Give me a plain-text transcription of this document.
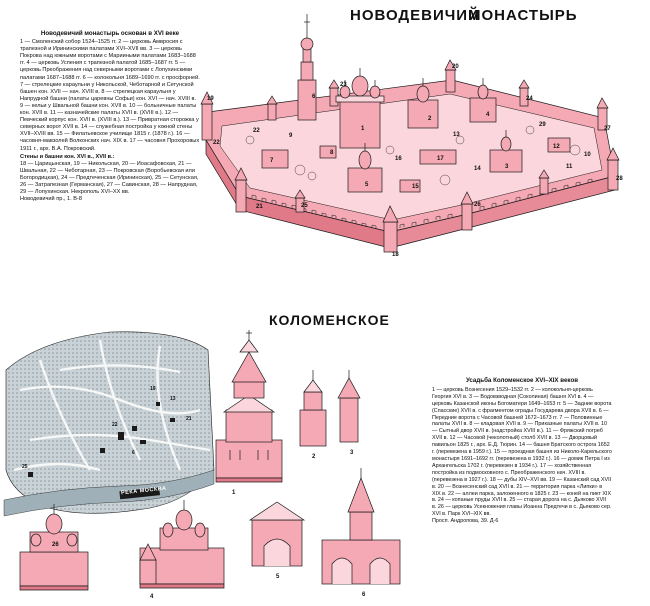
НОВОДЕВИЧИЙ
МОНАСТЫРЬ
КОЛОМЕНСКОЕ

Новодевичий монастырь основан в XVI веке

1 — Смоленский собор 1524–1525 гг. 2 — церковь Амвросия с трапезной и Ирининскими палатами XVI–XVII вв. 3 — церковь Покрова над южными воротами с Марииными палатами 1683–1688 гг. 4 — церковь Успения с трапезной палатой 1685–1687 гг. 5 — церковь Преображения над северными воротами с Лопухинскими палатами 1687–1688 гг. 6 — колокольня 1689–1690 гг. с просфорней. 7 — стрелецкие караульни у Никольской, Чеботарной и Сетунской башен кон. XVII — нач. XVIII в. 8 — стрелецкая караульня у Напрудной башни (палаты царевны Софьи) кон. XVI — нач. XVIII в. 9 — кельи у Швальной башни кон. XVII в. 10 — больничные палаты кон. XVII в. 11 — казначейские палаты XVII в. (XVIII в.). 12 — Певческий корпус кон. XVII в. (XVIII в.). 13 — Привратная сторожка у северных ворот XVII в. 14 — служебная постройка у южной стены XVII–XVIII вв. 15 — Филатьевское училище 1815 г. (1878 г.). 16 — часовня-мавзолей Волконских нач. XIX в. 17 — часовня Прохоровых 1911 г., арх. В.А. Покровский.

Стены и башни кон. XVI в., XVII в.:

18 — Царицынская, 19 — Никольская, 20 — Иоасафовская, 21 — Швальная, 22 — Чеботарная, 23 — Покровская (Воробьевская или Богородицкая), 24 — Предтеченская (Ирининская), 25 — Сетунская, 26 — Затрапезная (Германская), 27 — Савинская, 28 — Напрудная, 29 — Лопухинская. Некрополь XVI–XX вв.

Новодевичий пр., 1. В-8

Усадьба Коломенское XVI–XIX веков

1 — церковь Вознесения 1529–1532 гг. 2 — колокольня-церковь Георгия XVI в. 3 — Водовзводная (Соколиная) башня XVI в. 4 — церковь Казанской иконы Богоматери 1649–1653 гг. 5 — Задние ворота (Спасские) XVII в. с фрагментом ограды Государева двора XVII в. 6 — Передние ворота с Часовой башней 1672–1673 гг. 7 — Половинные палаты XVII в. 8 — кладовая XVII в. 9 — Приказные палаты XVII в. 10 — Сытный двор XVII в. (надстройка XVIII в.). 11 — Фряжский погреб XVII в. 12 — Часовой (чеколотный) столб XVII в. 13 — Дворцовый павильон 1825 г., арх. Е.Д. Тюрин. 14 — башня Братского острога 1652 г. (перевезена в 1959 г.). 15 — проездная башня из Николо-Карельского монастыря 1691–1692 гг. (перевезена в 1932 г.). 16 — домик Петра I из Архангельска 1702 г. (перевезен в 1934 г.). 17 — хозяйственная постройка из подмосковного с. Преображенского нач. XVIII в. (перевезена в 1927 г.). 18 — дубы XIV–XVI вв. 19 — Казанский сад XVII в. 20 — Вознесенский сад XVII в. 21 — территория парка «Липки» в XIX в. 22 — аллеи парка, заложенного в 1825 г. 23 — коней на пикт XIX в. 24 — копаные пруды XVII в. 25 — старая дорога на с. Дьяково XVII в. 26 — церковь Усекновения главы Иоанна Предтечи в с. Дьяково сер. XVI в. Парк XVI–XIX вв.

Просп. Андропова, 39. Д-6

19
22
21	25
18
26
28
27
20
24
23
6
1
2
4
3
5
17
15
12
7
9	13
14
16
11
10
8
29
22
13
21
25
19
22
6
1
2
3
4
5
6
26
РЕКА МОСКВА
